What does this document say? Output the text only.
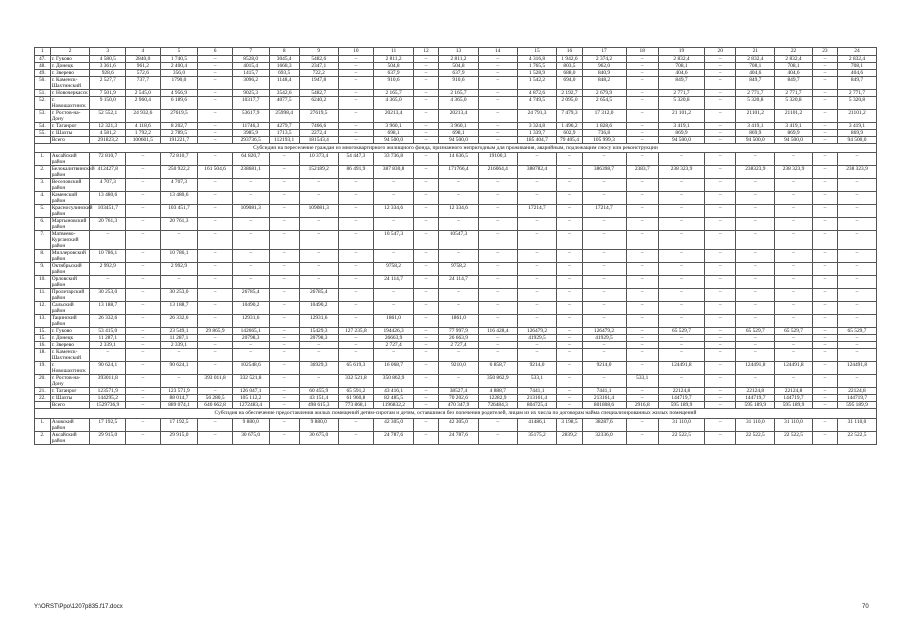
1	2	3	4	5	6	7	8	9	10	11	12	13	14	15	16	17	18	19	20	21	22	23	24
47.	г. Гуково	4 580,5	2840,0	1 740,5	–	8528,0	3045,4	5482,6	–	2 811,2	–	2 811,2	–	4 316,8	1 942,6	2 374,2	–	2 832,4	–	2 832,4	2 832,4	–	2 832,4
48.	г. Донецк	3 361,6	961,2	2 400,4	–	4015,4	1668,3	2347,1	–	504,8	–	504,8	–	1 765,5	803,5	962,0	–	708,1	–	708,1	708,1	–	708,1
49.	г. Зверево	928,6	572,6	356,0	–	1415,7	693,5	722,2	–	637,9	–	637,9	–	1 528,9	688,0	840,9	–	404,6	–	404,6	404,6	–	404,6
50.	г. Каменск-Шахтинский	2 527,7	737,7	1790,0	–	3096,2	1148,4	1947,8	–	910,6	–	910,6	–	1 542,2	694,0	848,2	–	849,7	–	849,7	849,7	–	849,7
51.	г. Новочеркасск	7 501,9	2 545,0	4 956,9	–	9025,3	3542,6	5482,7	–	2 165,7	–	2 165,7	–	4 872,6	2 192,7	2 679,9	–	2 771,7	–	2 771,7	2 771,7	–	2 771,7
52.	г. Новошахтинск	9 150,0	2 960,4	6 189,6	–	10317,7	4077,5	6240,2	–	4 365,0	–	4 365,0	–	4 749,5	2 095,0	2 654,5	–	5 320,8	–	5 320,8	5 320,8	–	5 320,8
53.	г. Ростов-на-Дону	52 552,1	24 932,6	27619,5	–	53617,9	25998,4	27619,5	–	20213,4	–	20213,4	–	24 791,3	7 479,3	17 312,0	–	21 101,2	–	21101,2	21101,2	–	21101,2
54.	г. Таганрог	12 321,3	4 118,6	8 202,7	–	11746,3	4279,7	7466,6	–	3 960,1	–	3 960,1	–	3 324,8	1 496,2	1 828,6	–	3 419,1	–	3 419,1	3 419,1	–	3 419,1
55.	г. Шахты	4 581,2	1 792,2	2 789,5	–	3985,9	1713,5	2272,4	–	698,1	–	698,1	–	1 339,7	602,9	736,8	–	869,9	–	869,9	869,9	–	869,9
	Всего	291823,2	100601,5	191221,7	–	293736,5	112193,1	181543,4	–	94 500,0	–	94 500,0	–	185 404,7	79 405,4	105 999,3	–	94 500,0	–	94 500,0	94 500,0	–	94 500,0
Субсидии на переселение граждан из многоквартирного жилищного фонда, признанного непригодным для проживания, аварийным, подлежащим сносу или реконструкции																							
1.	Аксайский район	72 810,7	–	72 810,7	–	64 820,7	–	10 373,4	54 447,3	33 736,8	–	14 636,5	19100,3	–	–	–	–	–	–	–	–	–	–
2.	Белокалитвинский район	412427,8	–	250 922,2	161 504,6	238681,1	–	152189,2	86 491,9	387 830,8	–	171766,4	216064,4	388782,4	–	386398,7	2383,7	238 323,9	–	238323,9	238 323,9	–	238 323,9
3.	Веселовский район	4 707,3	–	4 707,3	–	–	–	–	–	–	–	–	–	–	–	–	–	–	–	–	–	–	–
4.	Каменский район	13 480,6	–	13 480,6	–	–	–	–	–	–	–	–	–	–	–	–	–	–	–	–	–	–	–
5.	Красносулинский район	103451,7	–	103 451,7	–	109081,3	–	109081,3	–	12 334,6	–	12 334,6	–	17214,7	–	17214,7	–	–	–	–	–	–	–
6.	Мартыновский район	20 761,3	–	20 761,3	–	–	–	–	–	–	–	–	–	–	–	–	–	–	–	–	–	–	–
7.	Матвеево-Курганский район	–	–	–	–	–	–	–	–	10 547,3	–	10547,3	–	–	–	–	–	–	–	–	–	–	–
8.	Миллеровский район	10 786,1	–	10 786,1	–	–	–	–	–	–	–	–	–	–	–	–	–	–	–	–	–	–	–
9.	Октябрьский район	2 992,9	–	2 992,9	–	–	–	–	–	9758,2	–	9758,2	–	–	–	–	–	–	–	–	–	–	–
10.	Орловский район	–	–	–	–	–	–	–	–	24 114,7	–	24 114,7	–	–	–	–	–	–	–	–	–	–	–
11.	Пролетарский район	30 253,0	–	30 253,0	–	26785,4	–	26785,4	–	–	–	–	–	–	–	–	–	–	–	–	–	–	–
12.	Сальский район	13 188,7	–	13 188,7	–	10490,2	–	10490,2	–	–	–	–	–	–	–	–	–	–	–	–	–	–	–
13.	Тацинский район	26 332,6	–	26 332,6	–	12931,6	–	12931,6	–	1861,0	–	1861,0	–	–	–	–	–	–	–	–	–	–	–
15.	г. Гуково	53 415,0	–	23 549,1	29 865,9	142665,1	–	15429,3	127 235,8	194426,3	–	77 997,9	116 428,4	126479,2	–	126479,2	–	65 529,7	–	65 529,7	65 529,7	–	65 529,7
15.	г. Донецк	11 287,1	–	11 287,1	–	20798,3	–	20798,3	–	26663,9	–	26 663,9	–	41929,5	–	41929,5	–	–	–	–	–	–	–
16.	г. Зверево	2 339,1	–	2 339,1	–	–	–	–	–	2 727,4	–	2 727,4	–	–	–	–	–	–	–	–	–	–	–
18.	г. Каменск-Шахтинский	–	–	–	–	–	–	–	–	–	–	–	–	–	–	–	–	–	–	–	–	–	–
19.	г. Новошахтинск	90 624,1	–	90 624,1	–	102548,6	–	36929,3	65 619,3	16 068,7	–	9210,0	6 858,7	9214,0	–	9214,0	–	124491,8	–	124491,8	124491,8	–	124491,8
20.	г. Ростов-на-Дону	393011,8	–	–	393 011,8	332 521,8	–	–	332 521,8	350 862,9	–	–	350 862,9	533,1	–	–	533,1	–	–	–	–	–	–
21.	г. Таганрог	123571,9	–	123 571,9	–	126 047,1	–	60 455,9	65 591,2	43 416,1	–	38527,4	4 888,7	7441,1	–	7441,1	–	22124,8	–	22124,8	22124,8	–	22124,8
22.	г. Шахты	144295,2	–	88 014,7	56 280,5	105 112,2	–	43 151,4	61 960,8	82 485,5	–	70 202,6	12282,9	213161,4	–	213161,4	–	144719,7	–	144719,7	144719,7	–	144719,7
	Всего	1529736,9	–	889 074,1	640 662,8	1272483,4	–	498 615,3	773 868,1	1196832,2	–	470 347,9	726484,3	804725,4	–	801808,6	2916,8	595 189,9	–	595 189,9	595 189,9	–	595 189,9
Субсидия на обеспечение предоставления жилых помещений детям-сиротам и детям, оставшимся без попечения родителей, лицам из их числа по договорам найма специализированных жилых помещений																							
1.	Азовский район	17 192,5	–	17 192,5	–	9 880,0	–	9 880,0	–	42 305,0	–	42 305,0	–	41486,1	3 198,5	38287,6	–	31 110,0	–	31 110,0	31 110,0	–	31 110,0
2.	Аксайский район	29 915,0	–	29 915,0	–	30 675,0	–	30 675,0	–	24 787,6	–	24 787,6	–	35175,2	2839,2	32336,0	–	22 522,5	–	22 522,5	22 522,5	–	22 522,5
Y:\ORST\Ppo\1207p835.f17.docx	70
